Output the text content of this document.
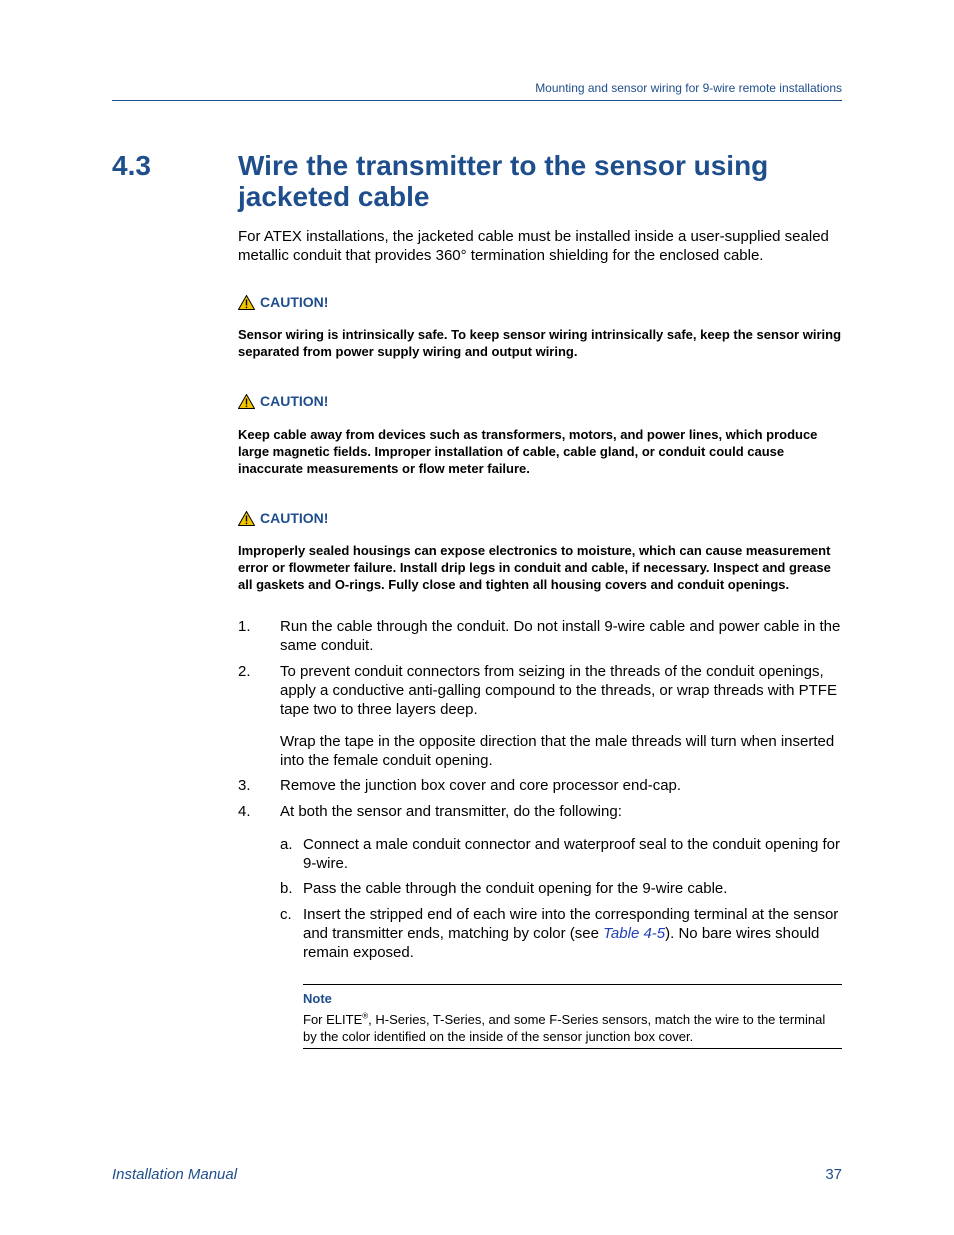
Mounting and sensor wiring for 9-wire remote installations
4.3	Wire the transmitter to the sensor using jacketed cable
For ATEX installations, the jacketed cable must be installed inside a user-supplied sealed metallic conduit that provides 360° termination shielding for the enclosed cable.
CAUTION!
Sensor wiring is intrinsically safe. To keep sensor wiring intrinsically safe, keep the sensor wiring separated from power supply wiring and output wiring.
CAUTION!
Keep cable away from devices such as transformers, motors, and power lines, which produce large magnetic fields. Improper installation of cable, cable gland, or conduit could cause inaccurate measurements or flow meter failure.
CAUTION!
Improperly sealed housings can expose electronics to moisture, which can cause measurement error or flowmeter failure. Install drip legs in conduit and cable, if necessary. Inspect and grease all gaskets and O-rings. Fully close and tighten all housing covers and conduit openings.
1. Run the cable through the conduit. Do not install 9-wire cable and power cable in the same conduit.
2. To prevent conduit connectors from seizing in the threads of the conduit openings, apply a conductive anti-galling compound to the threads, or wrap threads with PTFE tape two to three layers deep.
Wrap the tape in the opposite direction that the male threads will turn when inserted into the female conduit opening.
3. Remove the junction box cover and core processor end-cap.
4. At both the sensor and transmitter, do the following:
a. Connect a male conduit connector and waterproof seal to the conduit opening for 9-wire.
b. Pass the cable through the conduit opening for the 9-wire cable.
c. Insert the stripped end of each wire into the corresponding terminal at the sensor and transmitter ends, matching by color (see Table 4-5). No bare wires should remain exposed.
Note
For ELITE®, H-Series, T-Series, and some F-Series sensors, match the wire to the terminal by the color identified on the inside of the sensor junction box cover.
Installation Manual	37
